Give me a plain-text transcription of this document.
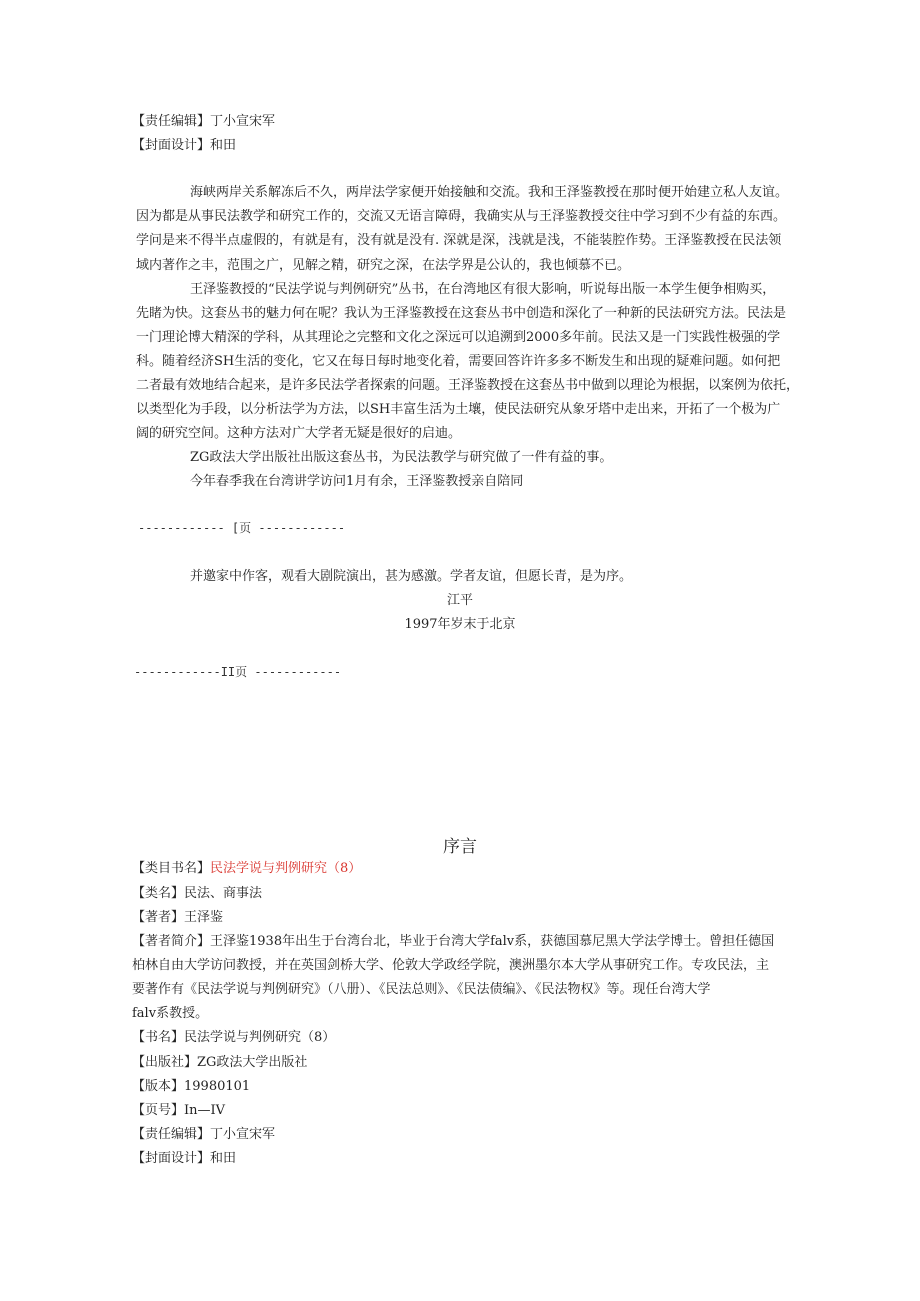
【责任编辑】丁小宣宋军
【封面设计】和田
海峡两岸关系解冻后不久，两岸法学家便开始接触和交流。我和王泽鉴教授在那时便开始建立私人友谊。
因为都是从事民法教学和研究工作的，交流又无语言障碍，我确实从与王泽鉴教授交往中学习到不少有益的东西。
学问是来不得半点虚假的，有就是有，没有就是没有. 深就是深，浅就是浅，不能装腔作势。王泽鉴教授在民法领
域内著作之丰，范围之广，见解之精，研究之深，在法学界是公认的，我也倾慕不已。
王泽鉴教授的“民法学说与判例研究”丛书，在台湾地区有很大影响，听说每出版一本学生便争相购买，
先睹为快。这套丛书的魅力何在呢？我认为王泽鉴教授在这套丛书中创造和深化了一种新的民法研究方法。民法是
一门理论博大精深的学科，从其理论之完整和文化之深远可以追溯到2000多年前。民法又是一门实践性极强的学
科。随着经济SH生活的变化，它又在每日每时地变化着，需要回答许许多多不断发生和出现的疑难问题。如何把
二者最有效地结合起来，是许多民法学者探索的问题。王泽鉴教授在这套丛书中做到以理论为根据，以案例为依托，
以类型化为手段，以分析法学为方法，以SH丰富生活为土壤，使民法研究从象牙塔中走出来，开拓了一个极为广
阔的研究空间。这种方法对广大学者无疑是很好的启迪。
ZG政法大学出版社出版这套丛书，为民法教学与研究做了一件有益的事。
今年春季我在台湾讲学访问1月有余，王泽鉴教授亲自陪同
------------ [页 ------------
并邀家中作客，观看大剧院演出，甚为感激。学者友谊，但愿长青，是为序。
江平
1997年岁末于北京
------------II页 ------------
序言
【类目书名】民法学说与判例研究（8）
【类名】民法、商事法
【著者】王泽鉴
【著者简介】王泽鉴1938年出生于台湾台北，毕业于台湾大学falv系，获德国慕尼黑大学法学博士。曾担任德国
柏林自由大学访问教授，并在英国剑桥大学、伦敦大学政经学院，澳洲墨尔本大学从事研究工作。专攻民法，主
要著作有《民法学说与判例研究》（八册）、《民法总则》、《民法债编》、《民法物权》等。现任台湾大学
falv系教授。
【书名】民法学说与判例研究（8）
【出版社】ZG政法大学出版社
【版本】19980101
【页号】In—IV
【责任编辑】丁小宣宋军
【封面设计】和田
